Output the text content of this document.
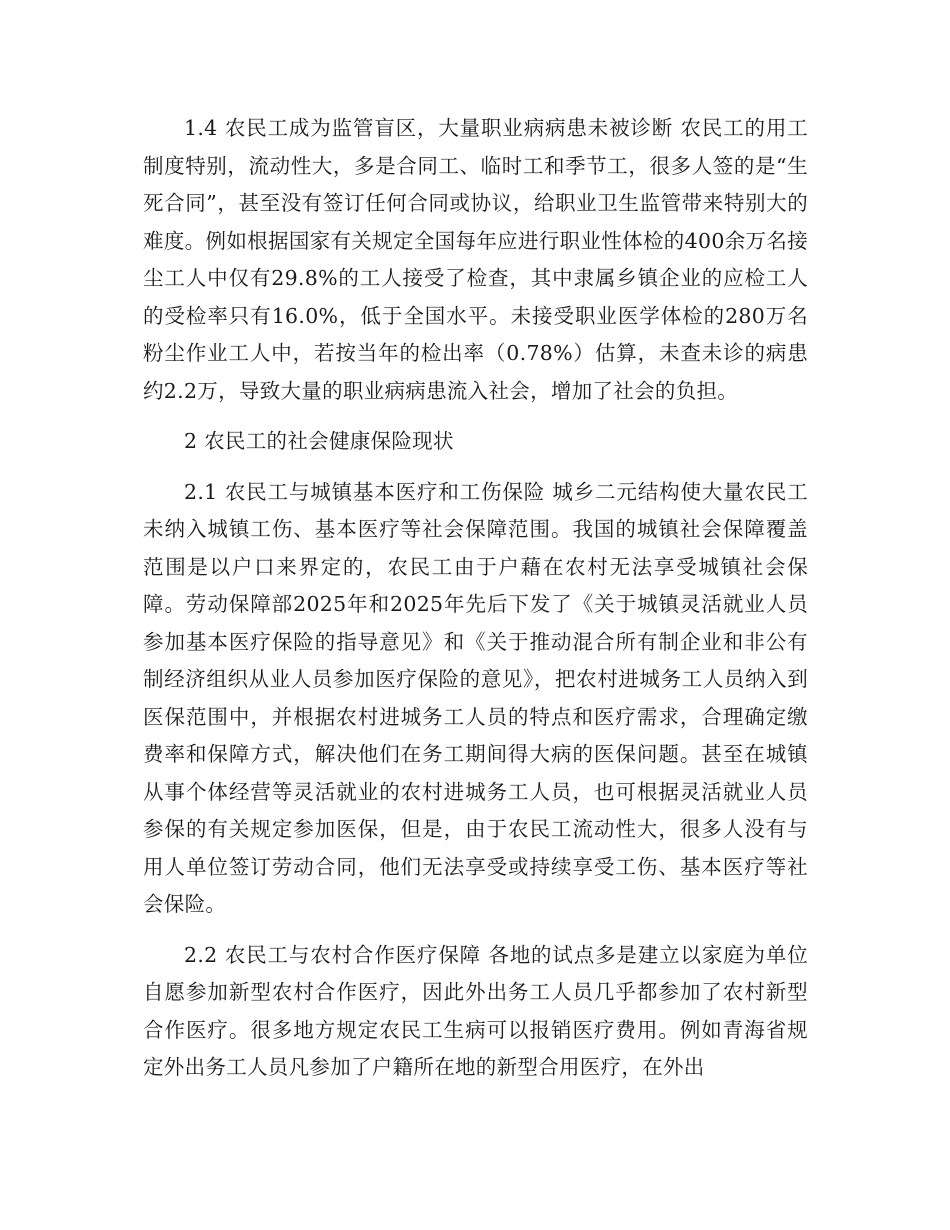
1.4 农民工成为监管盲区，大量职业病病患未被诊断 农民工的用工制度特别，流动性大，多是合同工、临时工和季节工，很多人签的是“生死合同”，甚至没有签订任何合同或协议，给职业卫生监管带来特别大的难度。例如根据国家有关规定全国每年应进行职业性体检的400余万名接尘工人中仅有29.8%的工人接受了检查，其中隶属乡镇企业的应检工人的受检率只有16.0%，低于全国水平。未接受职业医学体检的280万名粉尘作业工人中，若按当年的检出率（0.78%）估算，未查未诊的病患约2.2万，导致大量的职业病病患流入社会，增加了社会的负担。

2 农民工的社会健康保险现状

2.1 农民工与城镇基本医疗和工伤保险 城乡二元结构使大量农民工未纳入城镇工伤、基本医疗等社会保障范围。我国的城镇社会保障覆盖范围是以户口来界定的，农民工由于户藉在农村无法享受城镇社会保障。劳动保障部2025年和2025年先后下发了《关于城镇灵活就业人员参加基本医疗保险的指导意见》和《关于推动混合所有制企业和非公有制经济组织从业人员参加医疗保险的意见》，把农村进城务工人员纳入到医保范围中，并根据农村进城务工人员的特点和医疗需求，合理确定缴费率和保障方式，解决他们在务工期间得大病的医保问题。甚至在城镇从事个体经营等灵活就业的农村进城务工人员，也可根据灵活就业人员参保的有关规定参加医保，但是，由于农民工流动性大，很多人没有与用人单位签订劳动合同，他们无法享受或持续享受工伤、基本医疗等社会保险。

2.2 农民工与农村合作医疗保障 各地的试点多是建立以家庭为单位自愿参加新型农村合作医疗，因此外出务工人员几乎都参加了农村新型合作医疗。很多地方规定农民工生病可以报销医疗费用。例如青海省规定外出务工人员凡参加了户籍所在地的新型合用医疗，在外出
